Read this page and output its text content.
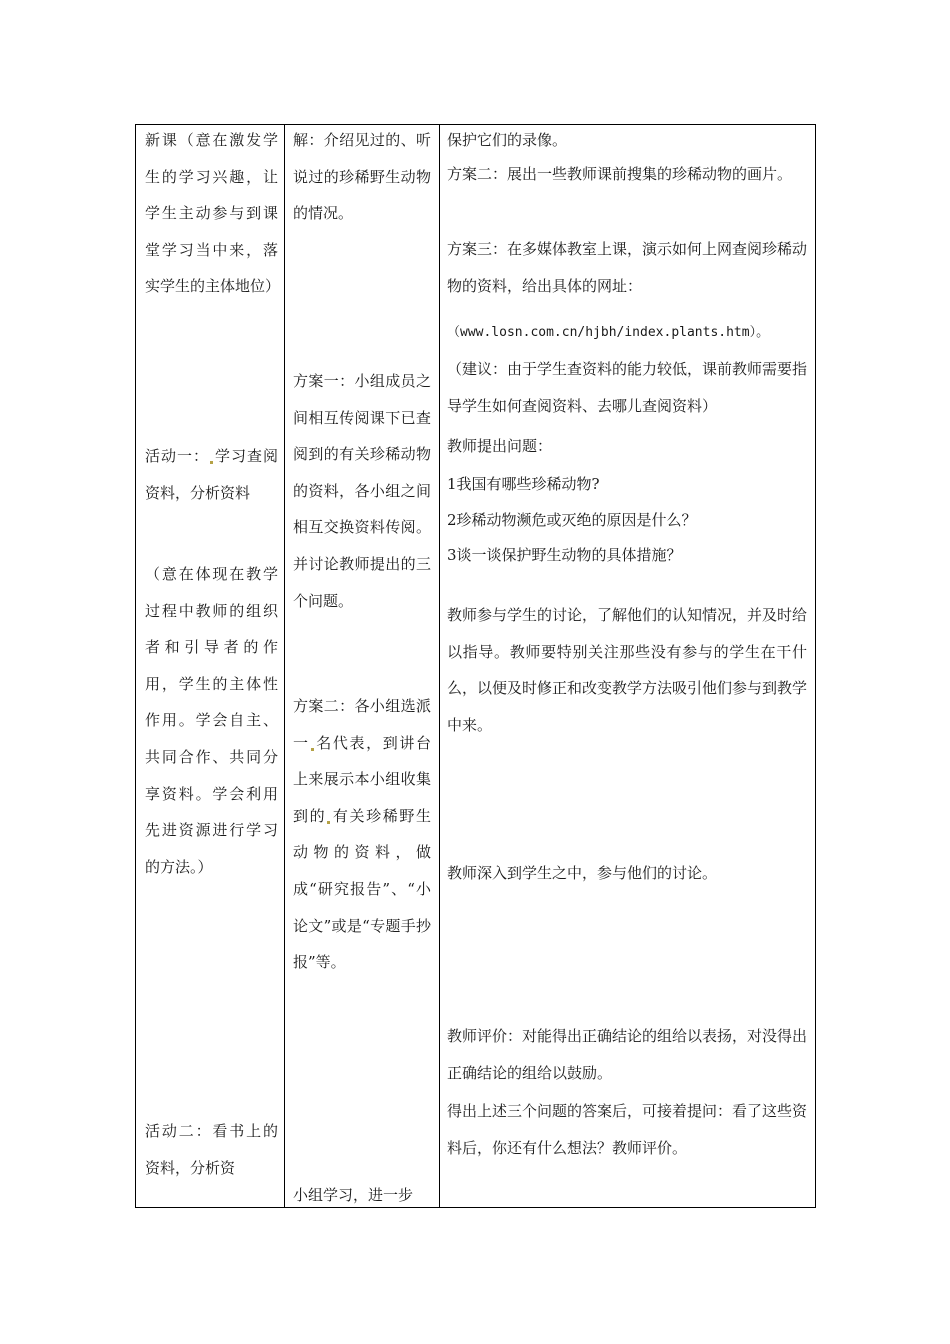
新课（意在激发学生的学习兴趣，让学生主动参与到课堂学习当中来，落实学生的主体地位）
活动一： 学习查阅资料，分析资料
（意在体现在教学过程中教师的组织者和引导者的作用，学生的主体性作用。学会自主、共同合作、共同分享资料。学会利用先进资源进行学习的方法。）
活动二：看书上的资料，分析资
解：介绍见过的、听说过的珍稀野生动物的情况。
方案一：小组成员之间相互传阅课下已查阅到的有关珍稀动物的资料，各小组之间相互交换资料传阅。并讨论教师提出的三个问题。
方案二：各小组选派一 名代表，到讲台上来展示本小组收集到的 有关珍稀野生动物的资料，做成“研究报告”、“小论文”或是“专题手抄报”等。
小组学习，进一步
保护它们的录像。
方案二：展出一些教师课前搜集的珍稀动物的画片。
方案三：在多媒体教室上课，演示如何上网查阅珍稀动物的资料，给出具体的网址：
（www.losn.com.cn/hjbh/index.plants.htm）。
（建议：由于学生查资料的能力较低，课前教师需要指导学生如何查阅资料、去哪儿查阅资料）
教师提出问题：
1我国有哪些珍稀动物?
2珍稀动物濒危或灭绝的原因是什么？
3谈一谈保护野生动物的具体措施？
教师参与学生的讨论，了解他们的认知情况，并及时给以指导。教师要特别关注那些没有参与的学生在干什么，以便及时修正和改变教学方法吸引他们参与到教学中来。
教师深入到学生之中，参与他们的讨论。
教师评价：对能得出正确结论的组给以表扬，对没得出正确结论的组给以鼓励。
得出上述三个问题的答案后，可接着提问：看了这些资料后，你还有什么想法？教师评价。
